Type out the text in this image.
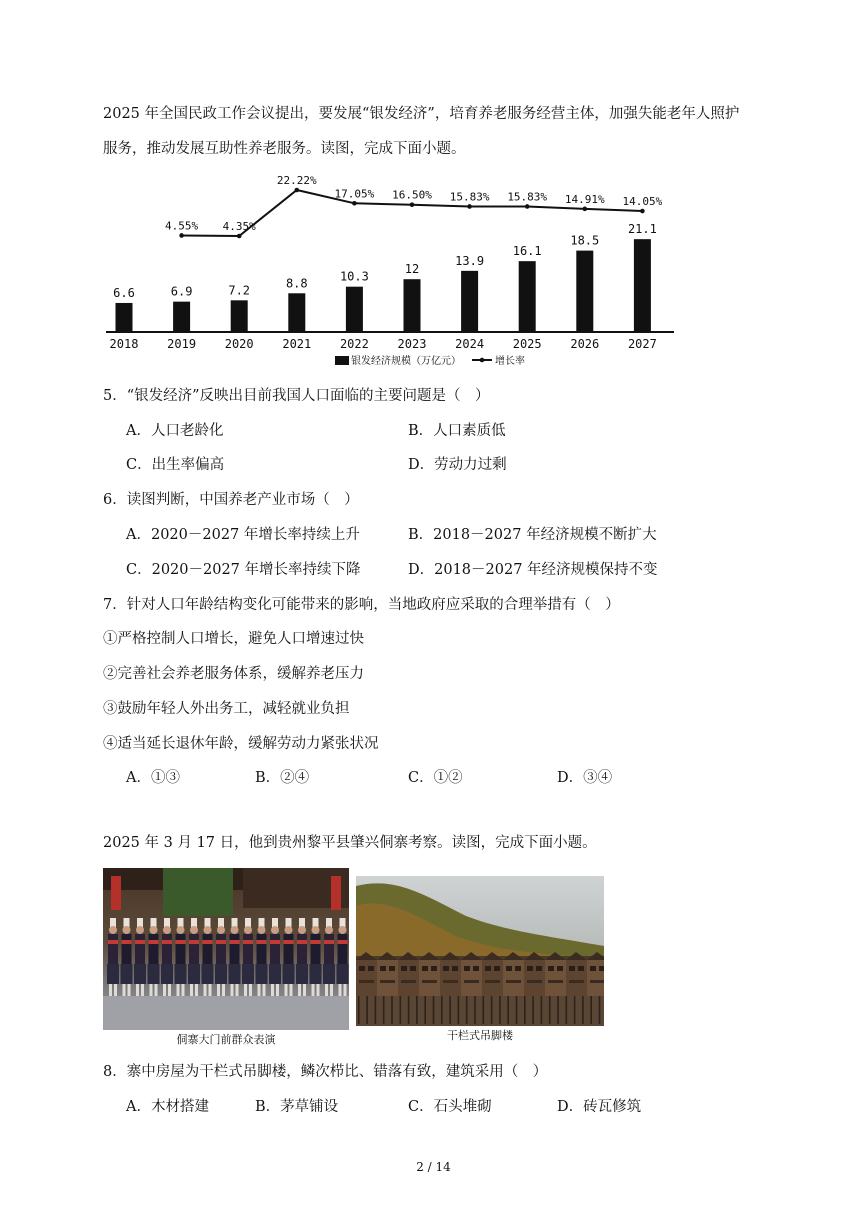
2025 年全国民政工作会议提出，要发展“银发经济”，培育养老服务经营主体，加强失能老年人照护
服务，推动发展互助性养老服务。读图，完成下面小题。
6.6
2018
6.9
2019
7.2
2020
8.8
2021
10.3
2022
12
2023
13.9
2024
16.1
2025
18.5
2026
21.1
2027
4.55% 4.35%
22.22%
17.05% 16.50% 15.83% 15.83% 14.91% 14.05%
银发经济规模（万亿元）	增长率
5．“银发经济”反映出目前我国人口面临的主要问题是（　）
A．人口老龄化	B．人口素质低
C．出生率偏高	D．劳动力过剩
6．读图判断，中国养老产业市场（　）
A．2020－2027 年增长率持续上升	B．2018－2027 年经济规模不断扩大
C．2020－2027 年增长率持续下降	D．2018－2027 年经济规模保持不变
7．针对人口年龄结构变化可能带来的影响，当地政府应采取的合理举措有（　）
①严格控制人口增长，避免人口增速过快
②完善社会养老服务体系，缓解养老压力
③鼓励年轻人外出务工，减轻就业负担
④适当延长退休年龄，缓解劳动力紧张状况
A．①③	B．②④	C．①②	D．③④
2025 年 3 月 17 日，他到贵州黎平县肇兴侗寨考察。读图，完成下面小题。
侗寨大门前群众表演	干栏式吊脚楼
8．寨中房屋为干栏式吊脚楼，鳞次栉比、错落有致，建筑采用（　）
A．木材搭建	B．茅草铺设	C．石头堆砌	D．砖瓦修筑
2 / 14
